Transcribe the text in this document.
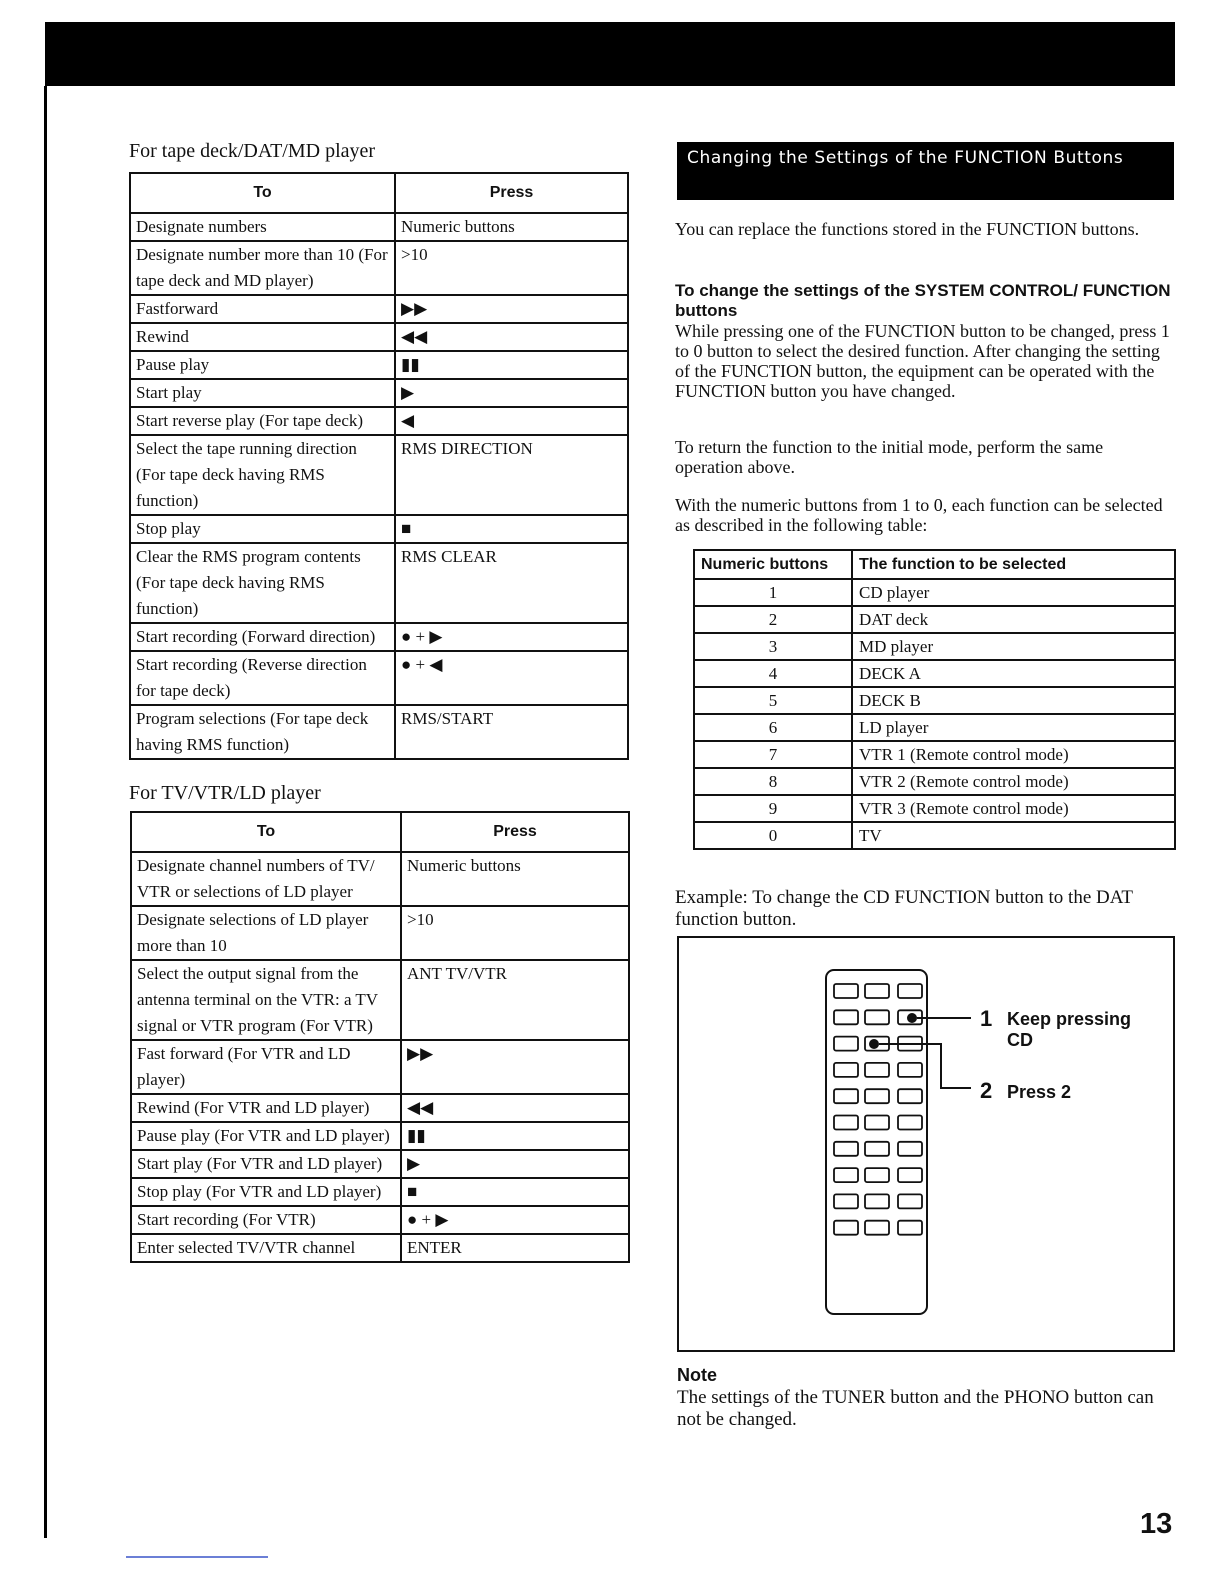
For tape deck/DAT/MD player
To	Press
Designate numbers	Numeric buttons
Designate number more than 10 (For tape deck and MD player)	>10
Fastforward	▶▶
Rewind	◀◀
Pause play	▮▮
Start play	▶
Start reverse play (For tape deck)	◀
Select the tape running direction (For tape deck having RMS function)	RMS DIRECTION
Stop play	■
Clear the RMS program contents (For tape deck having RMS function)	RMS CLEAR
Start recording (Forward direction)	● + ▶
Start recording (Reverse direction for tape deck)	● + ◀
Program selections (For tape deck having RMS function)	RMS/START
For TV/VTR/LD player
To	Press
Designate channel numbers of TV/ VTR or selections of LD player	Numeric buttons
Designate selections of LD player more than 10	>10
Select the output signal from the antenna terminal on the VTR: a TV signal or VTR program (For VTR)	ANT TV/VTR
Fast forward (For VTR and LD player)	▶▶
Rewind (For VTR and LD player)	◀◀
Pause play (For VTR and LD player)	▮▮
Start play (For VTR and LD player)	▶
Stop play (For VTR and LD player)	■
Start recording (For VTR)	● + ▶
Enter selected TV/VTR channel	ENTER
Changing the Settings of the FUNCTION Buttons
You can replace the functions stored in the FUNCTION buttons.
To change the settings of the SYSTEM CONTROL/ FUNCTION buttons
While pressing one of the FUNCTION button to be changed, press 1 to 0 button to select the desired function. After changing the setting of the FUNCTION button, the equipment can be operated with the FUNCTION button you have changed.
To return the function to the initial mode, perform the same operation above.
With the numeric buttons from 1 to 0, each function can be selected as described in the following table:
Numeric buttons	The function to be selected
1	CD player
2	DAT deck
3	MD player
4	DECK A
5	DECK B
6	LD player
7	VTR 1 (Remote control mode)
8	VTR 2 (Remote control mode)
9	VTR 3 (Remote control mode)
0	TV
Example: To change the CD FUNCTION button to the DAT function button.
1 Keep pressing CD
2 Press 2
Note
The settings of the TUNER button and the PHONO button can not be changed.
13
